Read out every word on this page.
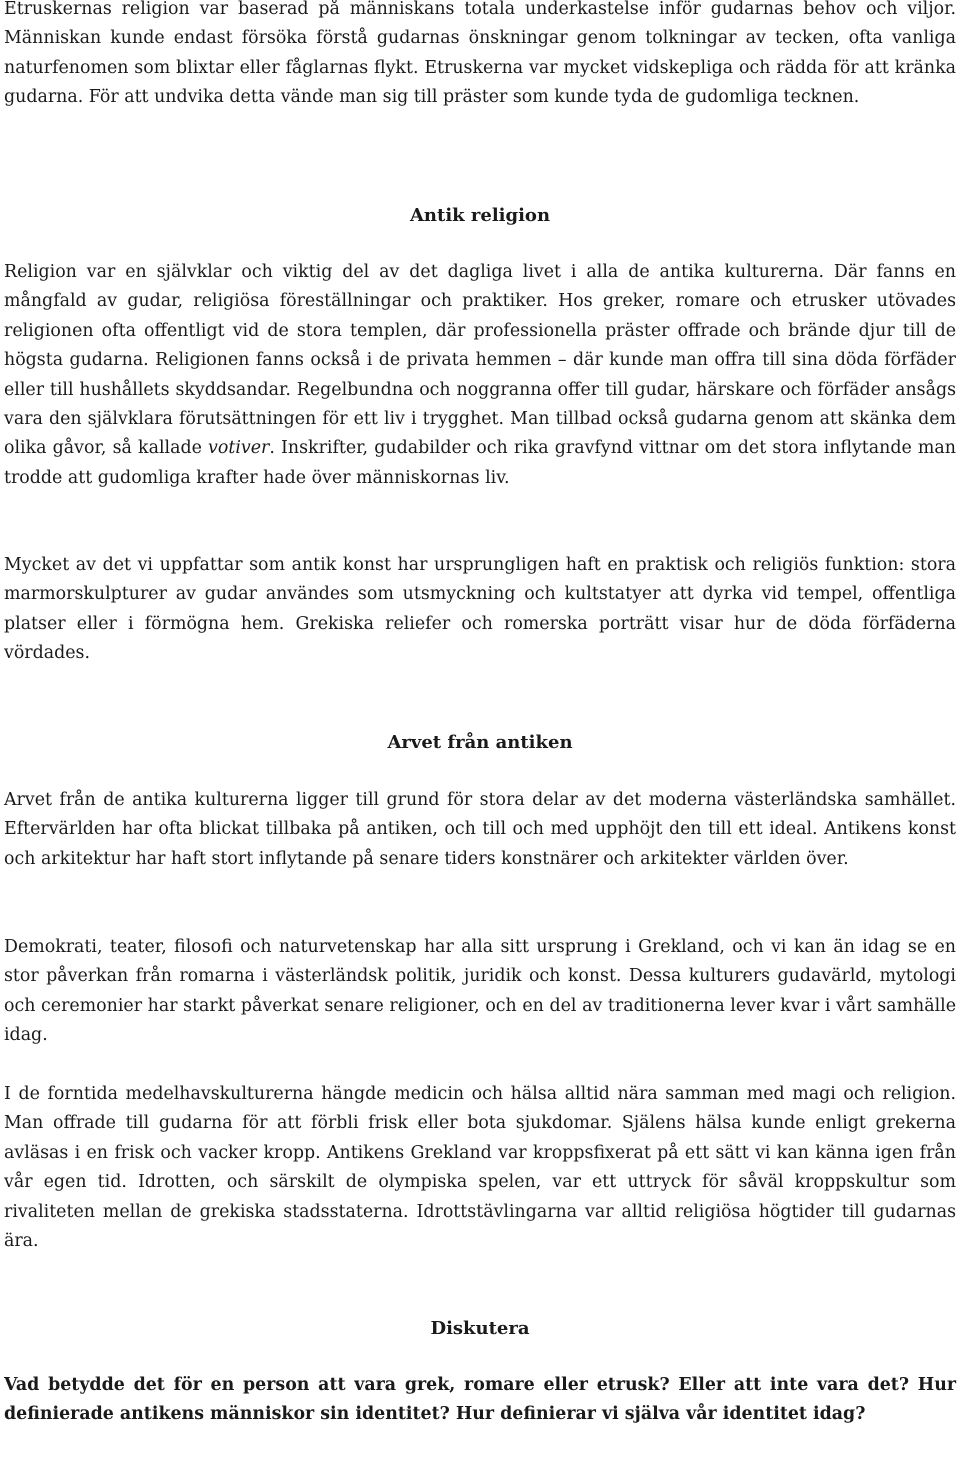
Etruskernas religion var baserad på människans totala underkastelse inför gudarnas behov och viljor. Människan kunde endast försöka förstå gudarnas önskningar genom tolkningar av tecken, ofta vanliga naturfenomen som blixtar eller fåglarnas flykt. Etruskerna var mycket vidskepliga och rädda för att kränka gudarna. För att undvika detta vände man sig till präster som kunde tyda de gudomliga tecknen.

Antik religion

Religion var en självklar och viktig del av det dagliga livet i alla de antika kulturerna. Där fanns en mångfald av gudar, religiösa föreställningar och praktiker. Hos greker, romare och etrusker utövades religionen ofta offentligt vid de stora templen, där professionella präster offrade och brände djur till de högsta gudarna. Religionen fanns också i de privata hemmen – där kunde man offra till sina döda förfäder eller till hushållets skyddsandar. Regelbundna och noggranna offer till gudar, härskare och förfäder ansågs vara den självklara förutsättningen för ett liv i trygghet. Man tillbad också gudarna genom att skänka dem olika gåvor, så kallade votiver. Inskrifter, gudabilder och rika gravfynd vittnar om det stora inflytande man trodde att gudomliga krafter hade över människornas liv.

Mycket av det vi uppfattar som antik konst har ursprungligen haft en praktisk och religiös funktion: stora marmorskulpturer av gudar användes som utsmyckning och kultstatyer att dyrka vid tempel, offentliga platser eller i förmögna hem. Grekiska reliefer och romerska porträtt visar hur de döda förfäderna vördades.

Arvet från antiken

Arvet från de antika kulturerna ligger till grund för stora delar av det moderna västerländska samhället. Eftervärlden har ofta blickat tillbaka på antiken, och till och med upphöjt den till ett ideal. Antikens konst och arkitektur har haft stort inflytande på senare tiders konstnärer och arkitekter världen över.

Demokrati, teater, filosofi och naturvetenskap har alla sitt ursprung i Grekland, och vi kan än idag se en stor påverkan från romarna i västerländsk politik, juridik och konst. Dessa kulturers gudavärld, mytologi och ceremonier har starkt påverkat senare religioner, och en del av traditionerna lever kvar i vårt samhälle idag.

I de forntida medelhavskulturerna hängde medicin och hälsa alltid nära samman med magi och religion. Man offrade till gudarna för att förbli frisk eller bota sjukdomar. Själens hälsa kunde enligt grekerna avläsas i en frisk och vacker kropp. Antikens Grekland var kroppsfixerat på ett sätt vi kan känna igen från vår egen tid. Idrotten, och särskilt de olympiska spelen, var ett uttryck för såväl kroppskultur som rivaliteten mellan de grekiska stadsstaterna. Idrottstävlingarna var alltid religiösa högtider till gudarnas ära.

Diskutera

Vad betydde det för en person att vara grek, romare eller etrusk? Eller att inte vara det? Hur definierade antikens människor sin identitet? Hur definierar vi själva vår identitet idag?
